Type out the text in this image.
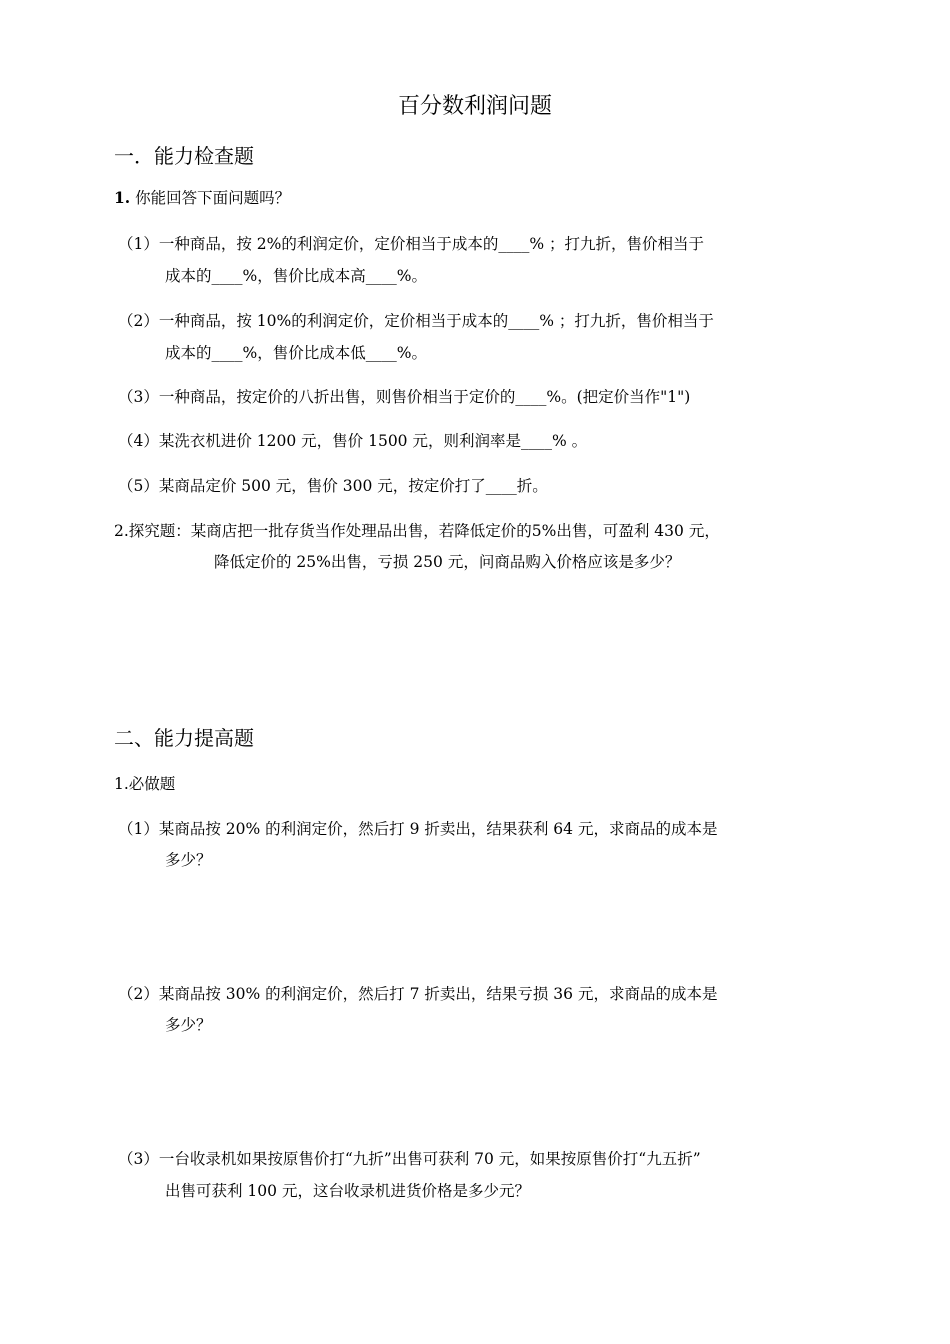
百分数利润问题
一．能力检查题
1. 你能回答下面问题吗？
（1）一种商品，按 2%的利润定价，定价相当于成本的____% ；打九折，售价相当于
成本的____%，售价比成本高____%。
（2）一种商品，按 10%的利润定价，定价相当于成本的____% ；打九折，售价相当于
成本的____%，售价比成本低____%。
（3）一种商品，按定价的八折出售，则售价相当于定价的____%。(把定价当作"1")
（4）某洗衣机进价 1200 元，售价 1500 元，则利润率是____% 。
（5）某商品定价 500 元，售价 300 元，按定价打了____折。
2.探究题：某商店把一批存货当作处理品出售，若降低定价的5%出售，可盈利 430 元，
降低定价的 25%出售，亏损 250 元，问商品购入价格应该是多少？
二、能力提高题
1.必做题
（1）某商品按 20% 的利润定价，然后打 9 折卖出，结果获利 64 元，求商品的成本是
多少？
（2）某商品按 30% 的利润定价，然后打 7 折卖出，结果亏损 36 元，求商品的成本是
多少？
（3）一台收录机如果按原售价打“九折”出售可获利 70 元，如果按原售价打“九五折”
出售可获利 100 元，这台收录机进货价格是多少元？
